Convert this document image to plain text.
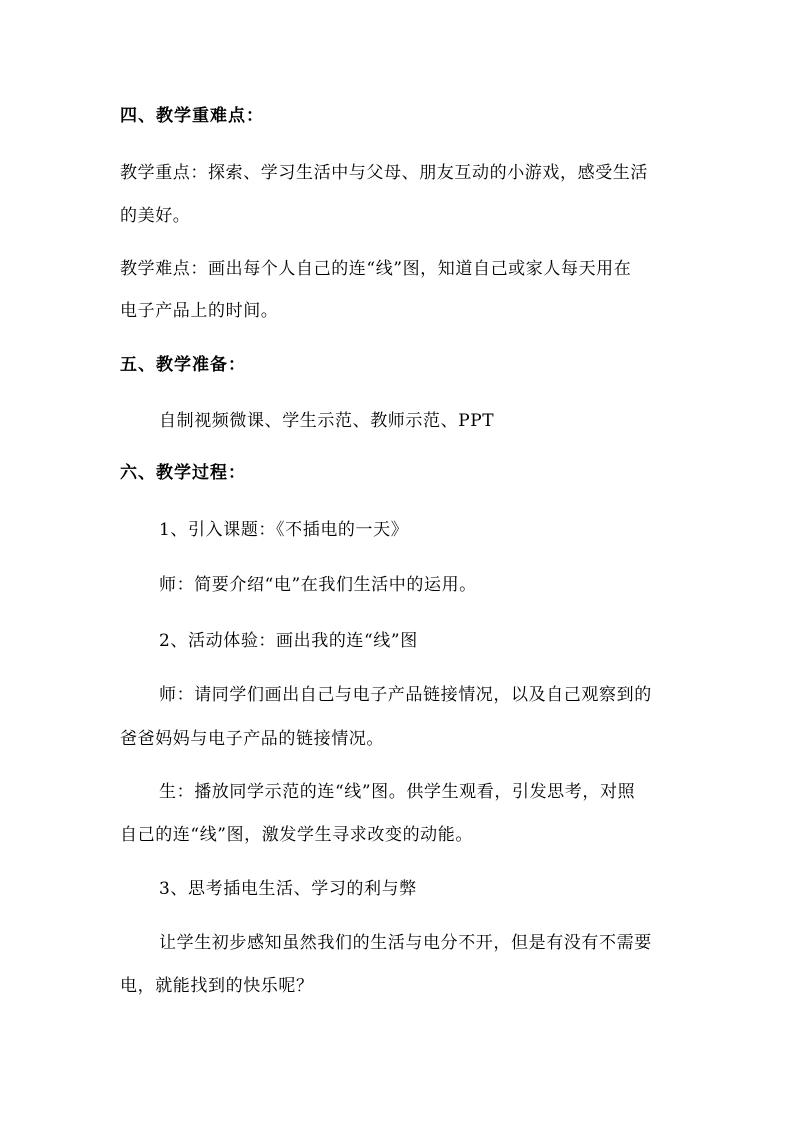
四、教学重难点：
教学重点：探索、学习生活中与父母、朋友互动的小游戏，感受生活
的美好。
教学难点：画出每个人自己的连“线”图，知道自己或家人每天用在
电子产品上的时间。
五、教学准备：
自制视频微课、学生示范、教师示范、PPT
六、教学过程：
1、引入课题：《不插电的一天》
师：简要介绍“电”在我们生活中的运用。
2、活动体验：画出我的连“线”图
师：请同学们画出自己与电子产品链接情况，以及自己观察到的
爸爸妈妈与电子产品的链接情况。
生：播放同学示范的连“线”图。供学生观看，引发思考，对照
自己的连“线”图，激发学生寻求改变的动能。
3、思考插电生活、学习的利与弊
让学生初步感知虽然我们的生活与电分不开，但是有没有不需要
电，就能找到的快乐呢？
